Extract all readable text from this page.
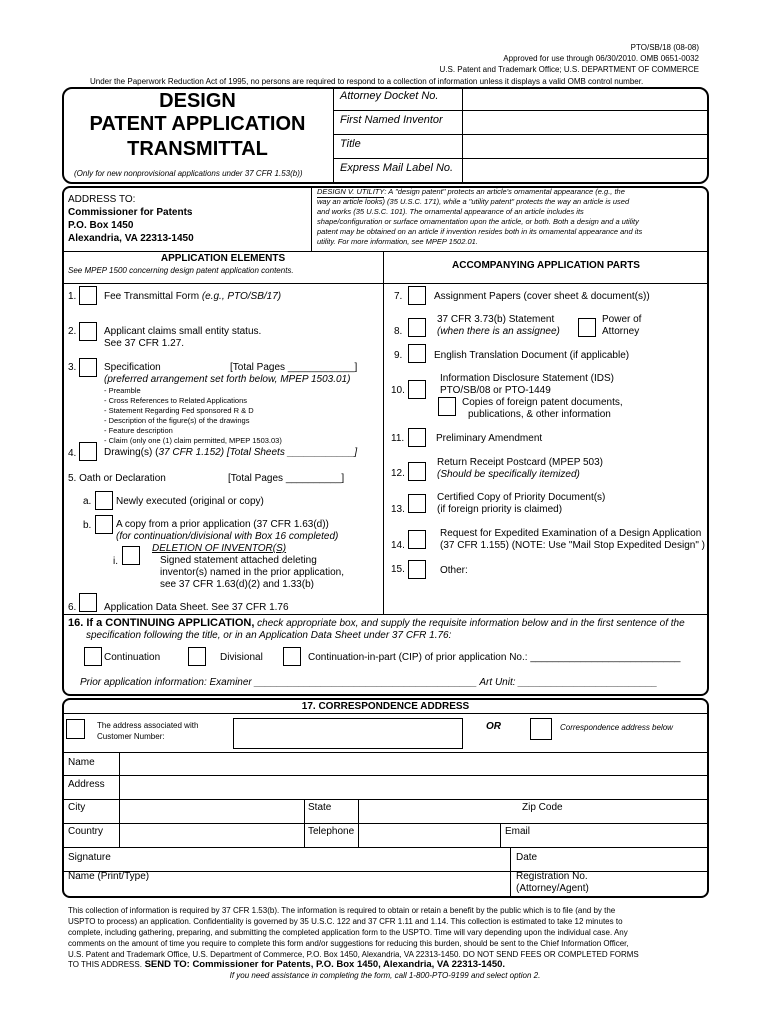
PTO/SB/18 (08-08)
Approved for use through 06/30/2010. OMB 0651-0032
U.S. Patent and Trademark Office; U.S. DEPARTMENT OF COMMERCE
Under the Paperwork Reduction Act of 1995, no persons are required to respond to a collection of information unless it displays a valid OMB control number.
DESIGN
PATENT APPLICATION
TRANSMITTAL
(Only for new nonprovisional applications under 37 CFR 1.53(b))
Attorney Docket No.
First Named Inventor
Title
Express Mail Label No.
ADDRESS TO:
Commissioner for Patents
P.O. Box 1450
Alexandria, VA 22313-1450
DESIGN V. UTILITY: A "design patent" protects an article's ornamental appearance (e.g., the
way an article looks) (35 U.S.C. 171), while a "utility patent" protects the way an article is used
and works (35 U.S.C. 101). The ornamental appearance of an article includes its
shape/configuration or surface ornamentation upon the article, or both. Both a design and a utility
patent may be obtained on an article if invention resides both in its ornamental appearance and its
utility. For more information, see MPEP 1502.01.
APPLICATION ELEMENTS
See MPEP 1500 concerning design patent application contents.	ACCOMPANYING APPLICATION PARTS
1.	Fee Transmittal Form (e.g., PTO/SB/17)
2.	Applicant claims small entity status.
See 37 CFR 1.27.
3.	Specification	[Total Pages ____________]
(preferred arrangement set forth below, MPEP 1503.01)
- Preamble
- Cross References to Related Applications
- Statement Regarding Fed sponsored R & D
- Description of the figure(s) of the drawings
- Feature description
- Claim (only one (1) claim permitted, MPEP 1503.03)
4.	Drawing(s) (37 CFR 1.152) [Total Sheets ____________]
5. Oath or Declaration	[Total Pages __________]
a. Newly executed (original or copy)
b. A copy from a prior application (37 CFR 1.63(d))
(for continuation/divisional with Box 16 completed)
DELETION OF INVENTOR(S)
i.	Signed statement attached deleting
inventor(s) named in the prior application,
see 37 CFR 1.63(d)(2) and 1.33(b)
6.	Application Data Sheet. See 37 CFR 1.76
7.	Assignment Papers (cover sheet & document(s))
8.
37 CFR 3.73(b) Statement
(when there is an assignee)
Power of
Attorney
9.	English Translation Document (if applicable)
10.
Information Disclosure Statement (IDS)
PTO/SB/08 or PTO-1449
Copies of foreign patent documents,
publications, & other information
11.	Preliminary Amendment
12.
Return Receipt Postcard (MPEP 503)
(Should be specifically itemized)
13.
Certified Copy of Priority Document(s)
(if foreign priority is claimed)
14.
Request for Expedited Examination of a Design Application
(37 CFR 1.155) (NOTE: Use "Mail Stop Expedited Design" )
15.	Other:
16. If a CONTINUING APPLICATION, check appropriate box, and supply the requisite information below and in the first sentence of the
specification following the title, or in an Application Data Sheet under 37 CFR 1.76:
Continuation	Divisional	Continuation-in-part (CIP) of prior application No.: ___________________________
Prior application information: Examiner ________________________________________ Art Unit: _________________________
17. CORRESPONDENCE ADDRESS
The address associated with
Customer Number:
OR	Correspondence address below
Name
Address
City	State	Zip Code
Country	Telephone	Email
Signature	Date
Name (Print/Type)	Registration No.
(Attorney/Agent)
This collection of information is required by 37 CFR 1.53(b). The information is required to obtain or retain a benefit by the public which is to file (and by the
USPTO to process) an application. Confidentiality is governed by 35 U.S.C. 122 and 37 CFR 1.11 and 1.14. This collection is estimated to take 12 minutes to
complete, including gathering, preparing, and submitting the completed application form to the USPTO. Time will vary depending upon the individual case. Any
comments on the amount of time you require to complete this form and/or suggestions for reducing this burden, should be sent to the Chief Information Officer,
U.S. Patent and Trademark Office, U.S. Department of Commerce, P.O. Box 1450, Alexandria, VA 22313-1450. DO NOT SEND FEES OR COMPLETED FORMS
TO THIS ADDRESS. SEND TO: Commissioner for Patents, P.O. Box 1450, Alexandria, VA 22313-1450.
If you need assistance in completing the form, call 1-800-PTO-9199 and select option 2.
